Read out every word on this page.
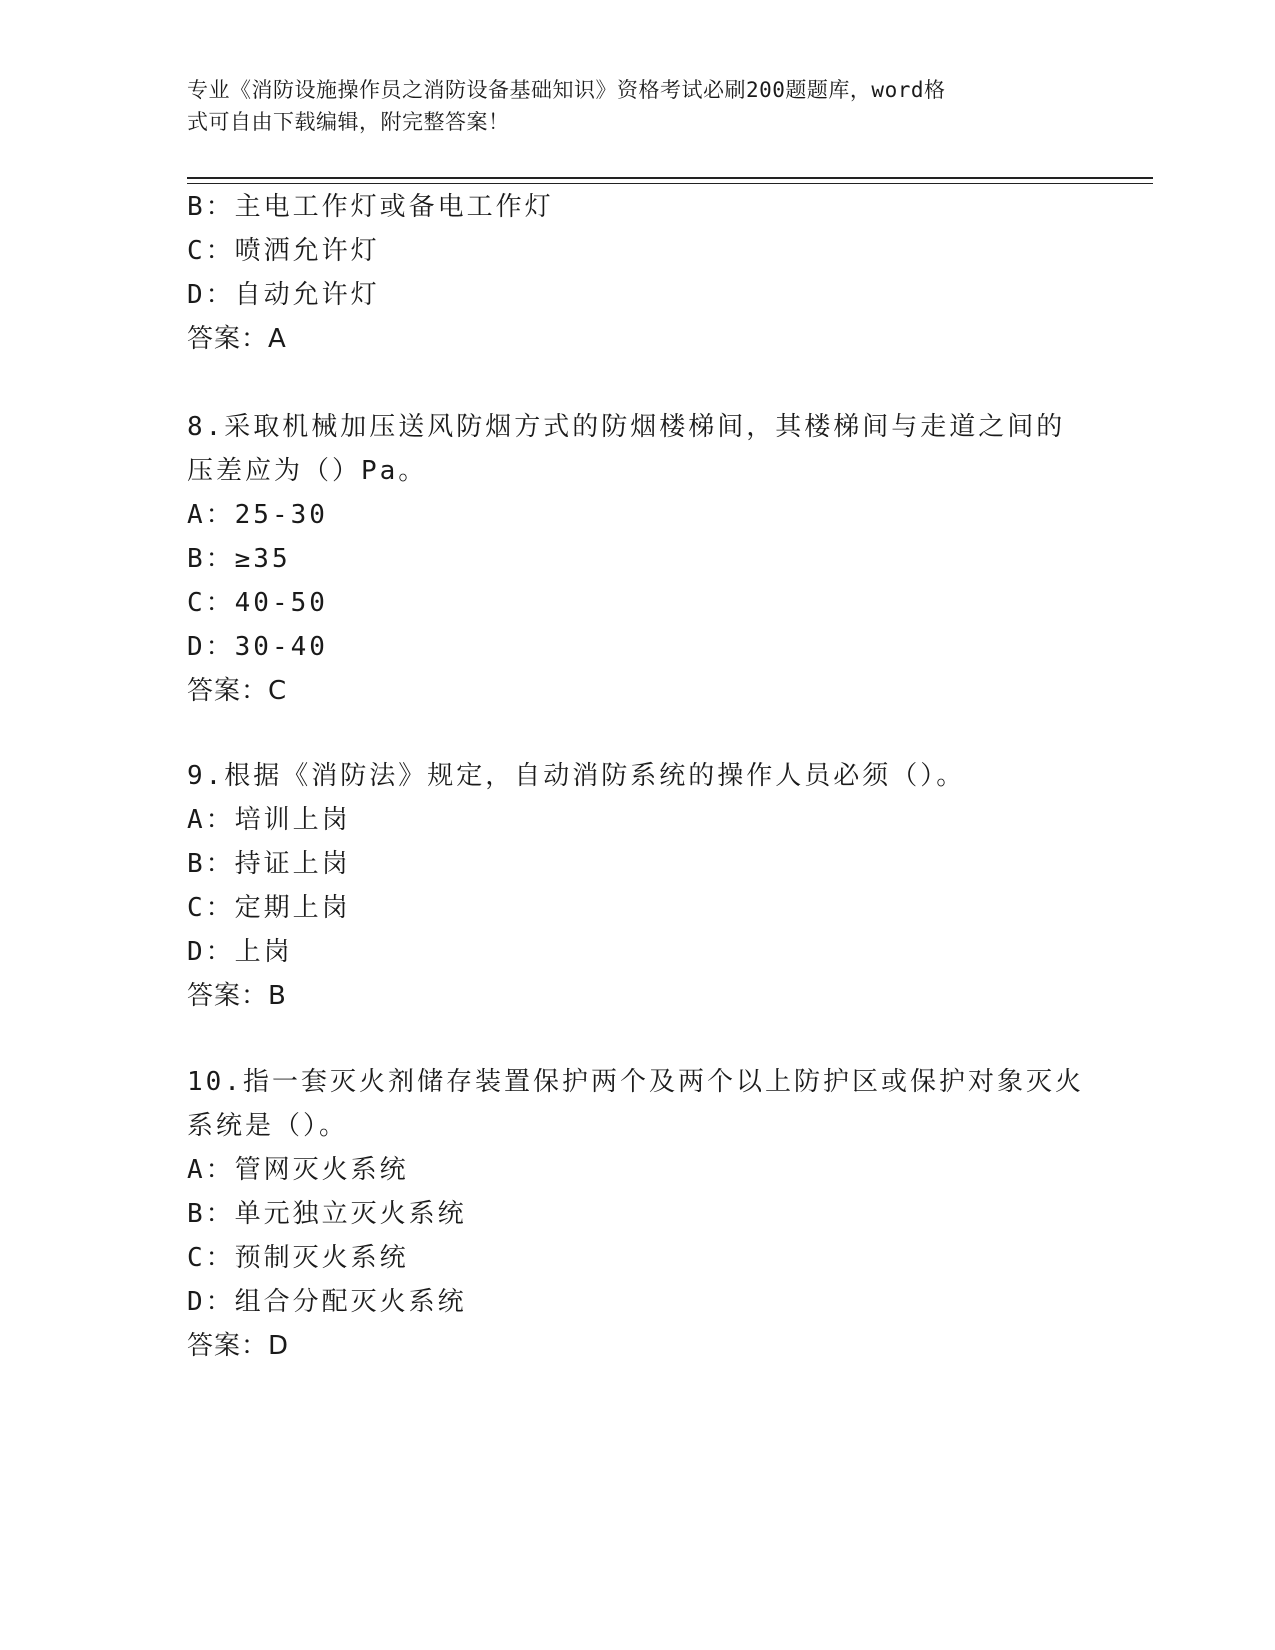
专业《消防设施操作员之消防设备基础知识》资格考试必刷200题题库，word格
式可自由下载编辑，附完整答案！
B：主电工作灯或备电工作灯
C：喷洒允许灯
D：自动允许灯
答案：A
8.采取机械加压送风防烟方式的防烟楼梯间，其楼梯间与走道之间的
压差应为（）Pa。
A：25-30
B：≥35
C：40-50
D：30-40
答案：C
9.根据《消防法》规定，自动消防系统的操作人员必须（）。
A：培训上岗
B：持证上岗
C：定期上岗
D：上岗
答案：B
10.指一套灭火剂储存装置保护两个及两个以上防护区或保护对象灭火
系统是（）。
A：管网灭火系统
B：单元独立灭火系统
C：预制灭火系统
D：组合分配灭火系统
答案：D
